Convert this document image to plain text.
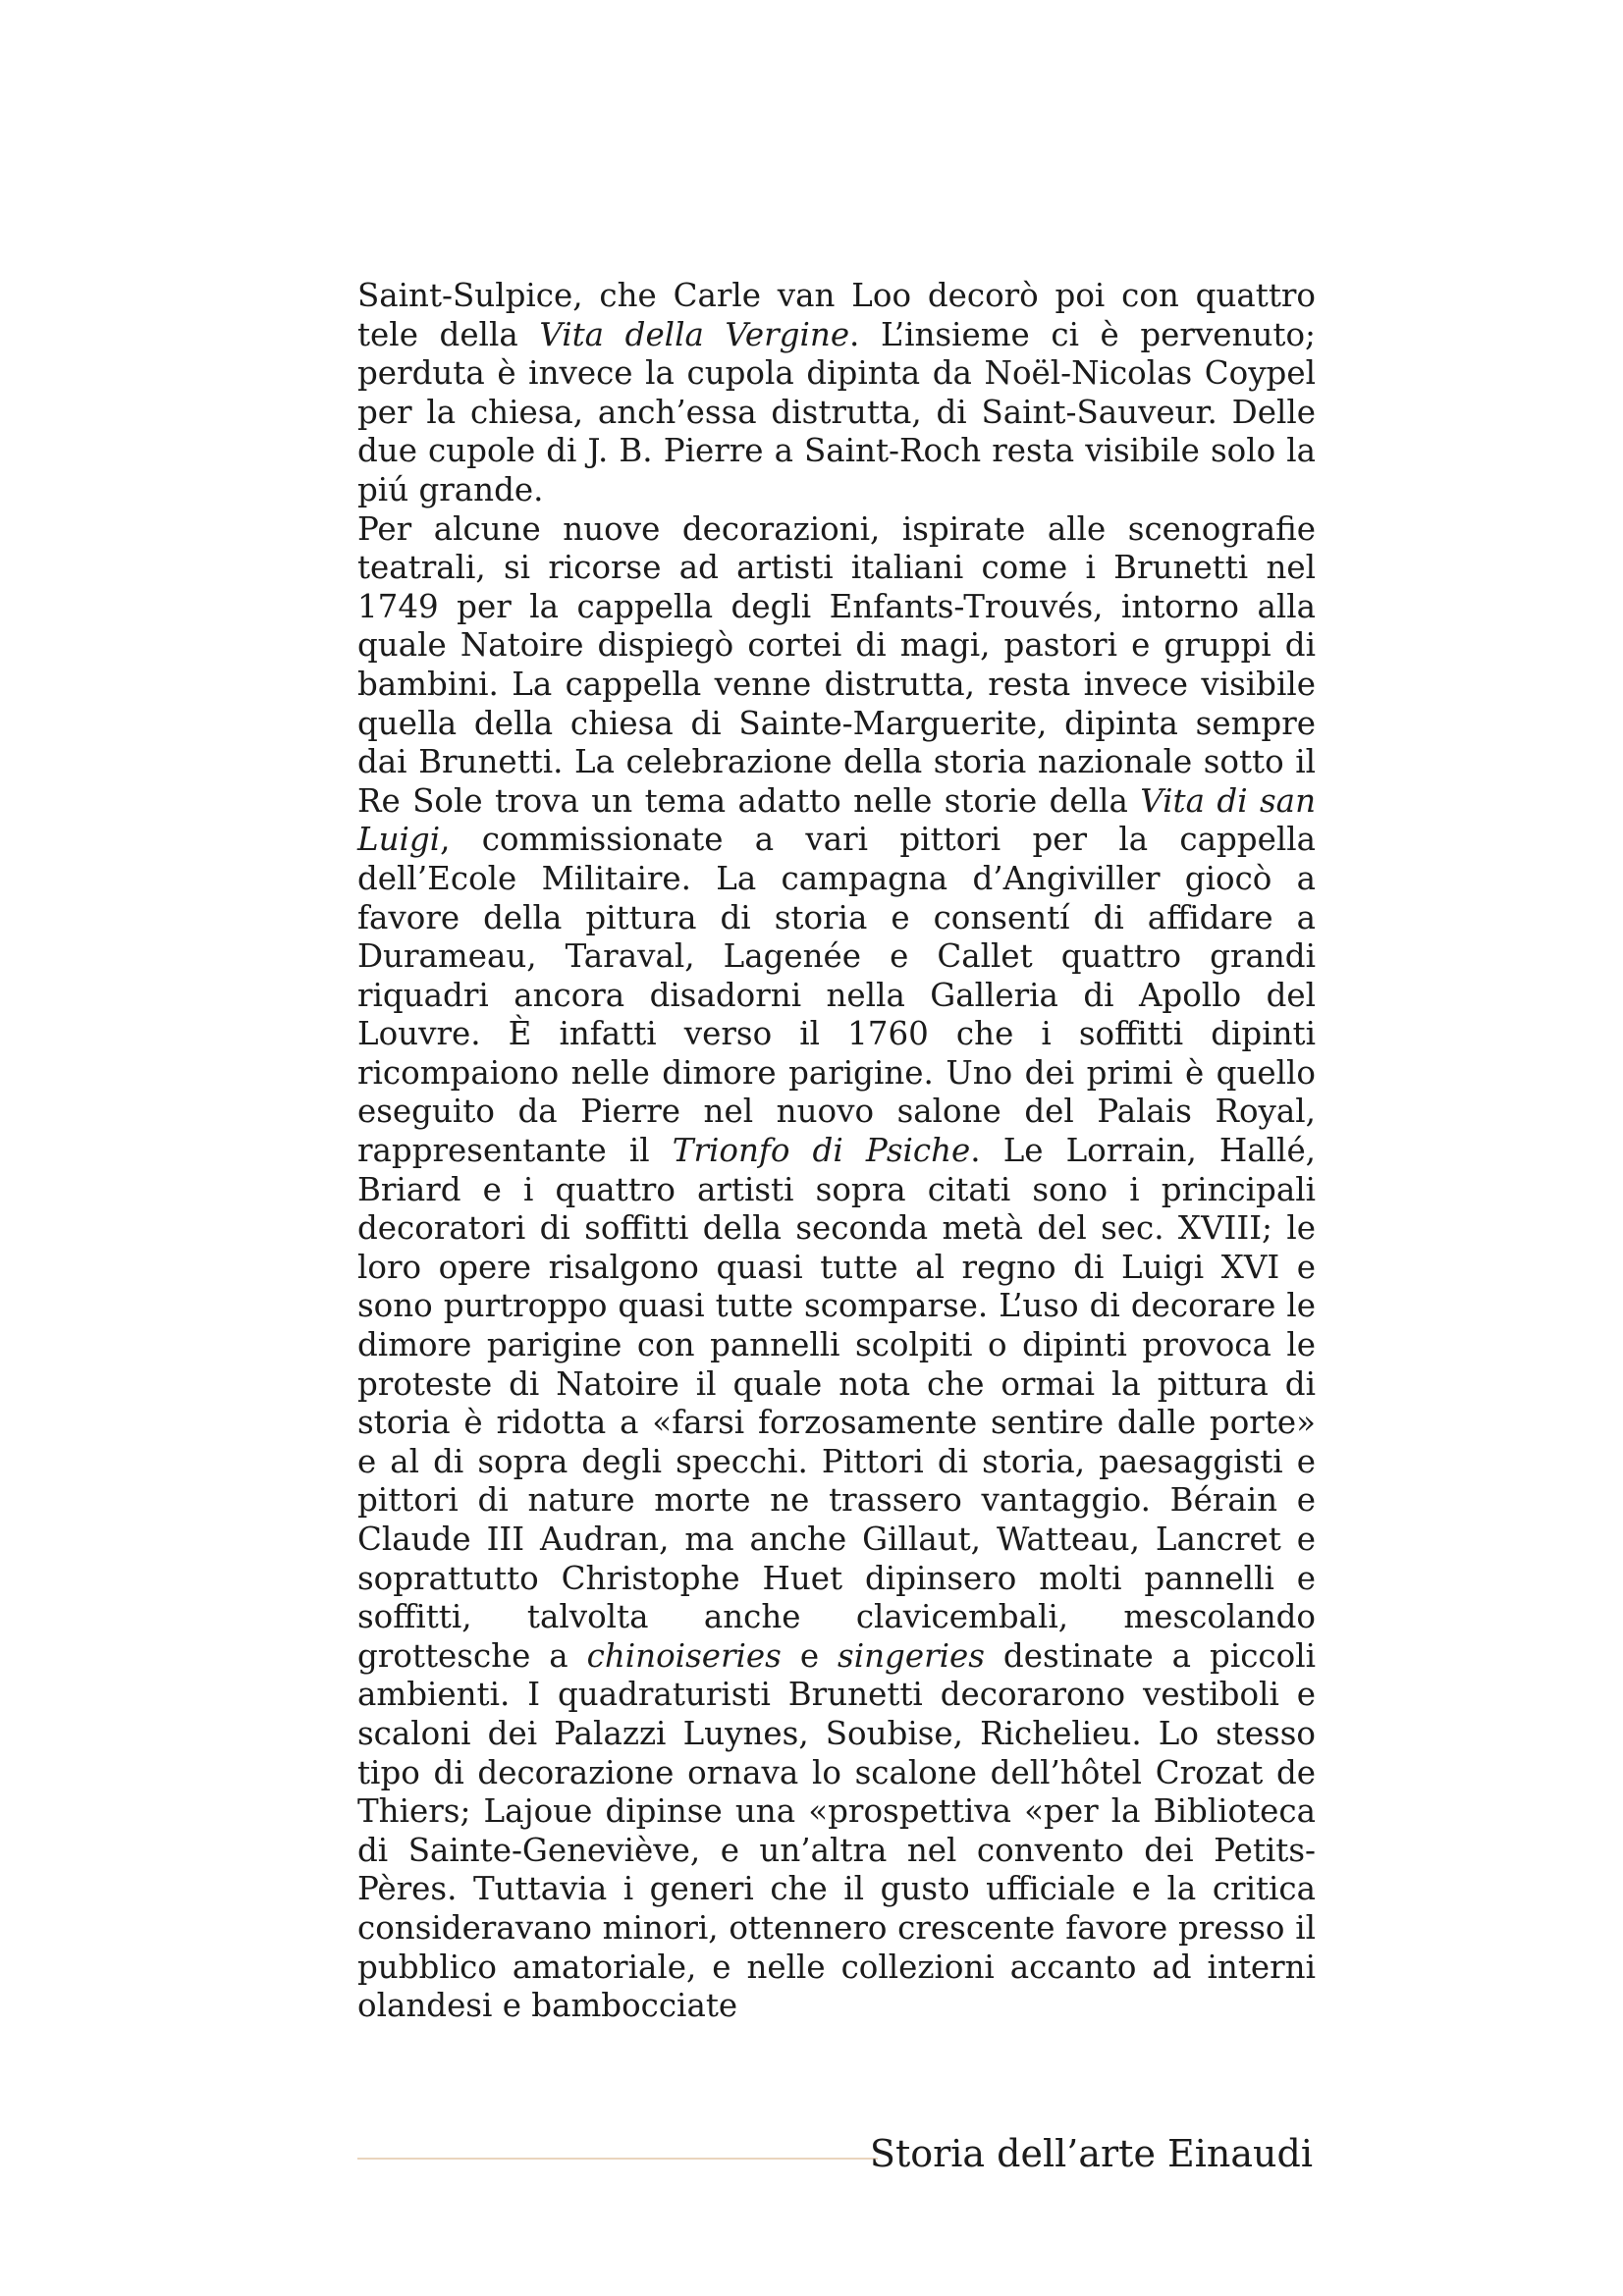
Saint-Sulpice, che Carle van Loo decorò poi con quattro tele della Vita della Vergine. L’insieme ci è pervenuto; perduta è invece la cupola dipinta da Noël-Nicolas Coypel per la chiesa, anch’essa distrutta, di Saint-Sauveur. Delle due cupole di J. B. Pierre a Saint-Roch resta visibile solo la piú grande.

Per alcune nuove decorazioni, ispirate alle scenografie teatrali, si ricorse ad artisti italiani come i Brunetti nel 1749 per la cappella degli Enfants-Trouvés, intorno alla quale Natoire dispiegò cortei di magi, pastori e gruppi di bambini. La cappella venne distrutta, resta invece visibile quella della chiesa di Sainte-Marguerite, dipinta sempre dai Brunetti. La celebrazione della storia nazionale sotto il Re Sole trova un tema adatto nelle storie della Vita di san Luigi, commissionate a vari pittori per la cappella dell’Ecole Militaire. La campagna d’Angiviller giocò a favore della pittura di storia e consentí di affidare a Durameau, Taraval, Lagenée e Callet quattro grandi riquadri ancora disadorni nella Galleria di Apollo del Louvre. È infatti verso il 1760 che i soffitti dipinti ricompaiono nelle dimore parigine. Uno dei primi è quello eseguito da Pierre nel nuovo salone del Palais Royal, rappresentante il Trionfo di Psiche. Le Lorrain, Hallé, Briard e i quattro artisti sopra citati sono i principali decoratori di soffitti della seconda metà del sec. XVIII; le loro opere risalgono quasi tutte al regno di Luigi XVI e sono purtroppo quasi tutte scomparse. L’uso di decorare le dimore parigine con pannelli scolpiti o dipinti provoca le proteste di Natoire il quale nota che ormai la pittura di storia è ridotta a «farsi forzosamente sentire dalle porte» e al di sopra degli specchi. Pittori di storia, paesaggisti e pittori di nature morte ne trassero vantaggio. Bérain e Claude III Audran, ma anche Gillaut, Watteau, Lancret e soprattutto Christophe Huet dipinsero molti pannelli e soffitti, talvolta anche clavicembali, mescolando grottesche a chinoiseries e singeries destinate a piccoli ambienti. I quadraturisti Brunetti decorarono vestiboli e scaloni dei Palazzi Luynes, Soubise, Richelieu. Lo stesso tipo di decorazione ornava lo scalone dell’hôtel Crozat de Thiers; Lajoue dipinse una «prospettiva «per la Biblioteca di Sainte-Geneviève, e un’altra nel convento dei Petits-Pères. Tuttavia i generi che il gusto ufficiale e la critica consideravano minori, ottennero crescente favore presso il pubblico amatoriale, e nelle collezioni accanto ad interni olandesi e bambocciate

Storia dell’arte Einaudi
